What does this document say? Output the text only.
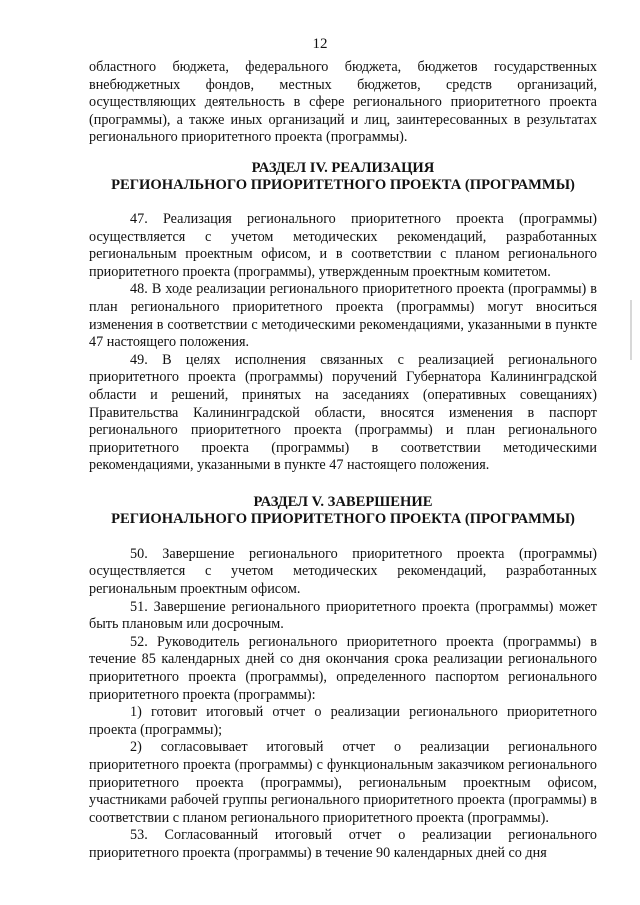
12

областного бюджета, федерального бюджета, бюджетов государственных внебюджетных фондов, местных бюджетов, средств организаций, осуществляющих деятельность в сфере регионального приоритетного проекта (программы), а также иных организаций и лиц, заинтересованных в результатах регионального приоритетного проекта (программы).

РАЗДЕЛ IV. РЕАЛИЗАЦИЯ
РЕГИОНАЛЬНОГО ПРИОРИТЕТНОГО ПРОЕКТА (ПРОГРАММЫ)

47. Реализация регионального приоритетного проекта (программы) осуществляется с учетом методических рекомендаций, разработанных региональным проектным офисом, и в соответствии с планом регионального приоритетного проекта (программы), утвержденным проектным комитетом.

48. В ходе реализации регионального приоритетного проекта (программы) в план регионального приоритетного проекта (программы) могут вноситься изменения в соответствии с методическими рекомендациями, указанными в пункте 47 настоящего положения.

49. В целях исполнения связанных с реализацией регионального приоритетного проекта (программы) поручений Губернатора Калининградской области и решений, принятых на заседаниях (оперативных совещаниях) Правительства Калининградской области, вносятся изменения в паспорт регионального приоритетного проекта (программы) и план регионального приоритетного проекта (программы) в соответствии методическими рекомендациями, указанными в пункте 47 настоящего положения.

РАЗДЕЛ V. ЗАВЕРШЕНИЕ
РЕГИОНАЛЬНОГО ПРИОРИТЕТНОГО ПРОЕКТА (ПРОГРАММЫ)

50. Завершение регионального приоритетного проекта (программы) осуществляется с учетом методических рекомендаций, разработанных региональным проектным офисом.

51. Завершение регионального приоритетного проекта (программы) может быть плановым или досрочным.

52. Руководитель регионального приоритетного проекта (программы) в течение 85 календарных дней со дня окончания срока реализации регионального приоритетного проекта (программы), определенного паспортом регионального приоритетного проекта (программы):

1) готовит итоговый отчет о реализации регионального приоритетного проекта (программы);

2) согласовывает итоговый отчет о реализации регионального приоритетного проекта (программы) с функциональным заказчиком регионального приоритетного проекта (программы), региональным проектным офисом, участниками рабочей группы регионального приоритетного проекта (программы) в соответствии с планом регионального приоритетного проекта (программы).

53. Согласованный итоговый отчет о реализации регионального приоритетного проекта (программы) в течение 90 календарных дней со дня
